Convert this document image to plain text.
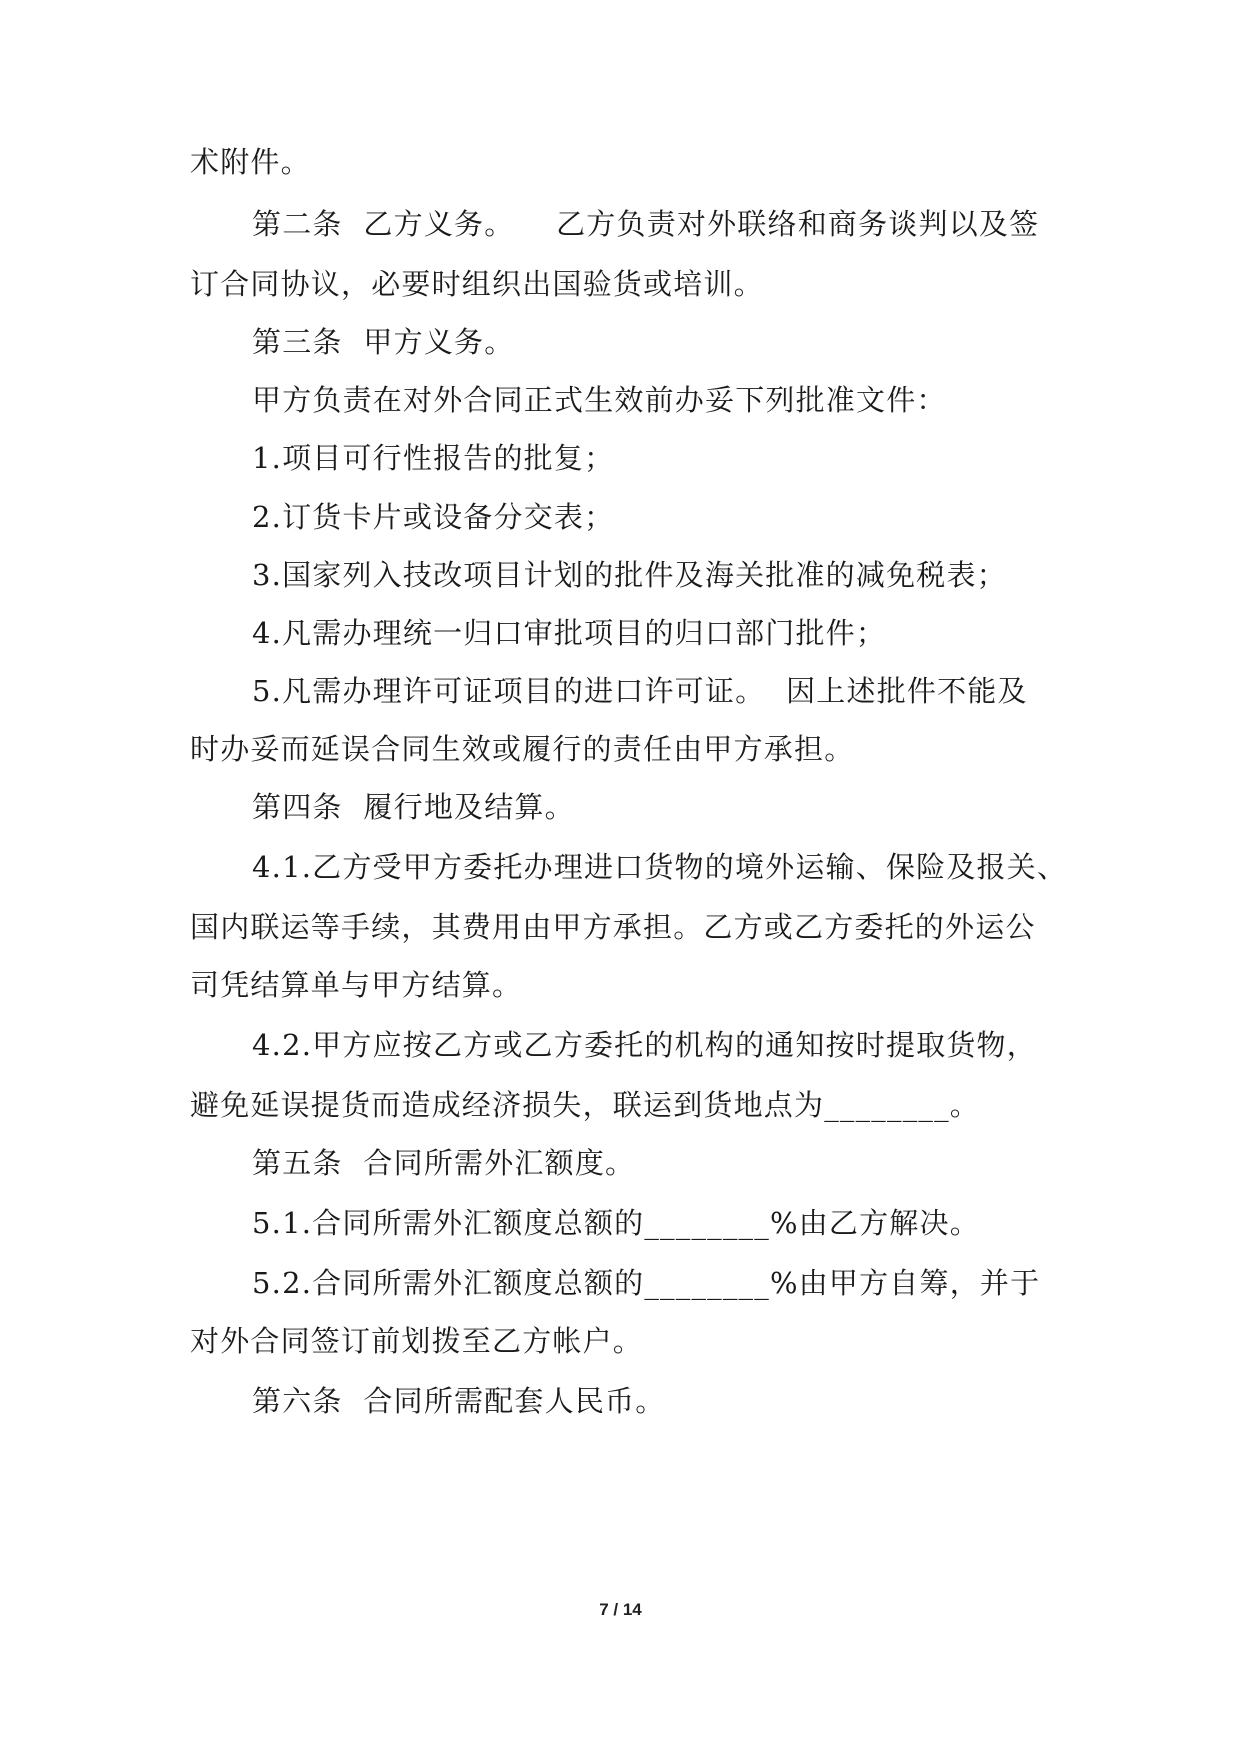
术附件。
第二条  乙方义务。    乙方负责对外联络和商务谈判以及签
订合同协议，必要时组织出国验货或培训。
第三条  甲方义务。
甲方负责在对外合同正式生效前办妥下列批准文件：
1.项目可行性报告的批复；
2.订货卡片或设备分交表；
3.国家列入技改项目计划的批件及海关批准的减免税表；
4.凡需办理统一归口审批项目的归口部门批件；
5.凡需办理许可证项目的进口许可证。  因上述批件不能及
时办妥而延误合同生效或履行的责任由甲方承担。
第四条  履行地及结算。
4.1.乙方受甲方委托办理进口货物的境外运输、保险及报关、
国内联运等手续，其费用由甲方承担。乙方或乙方委托的外运公
司凭结算单与甲方结算。
4.2.甲方应按乙方或乙方委托的机构的通知按时提取货物，
避免延误提货而造成经济损失，联运到货地点为________。
第五条  合同所需外汇额度。
5.1.合同所需外汇额度总额的________%由乙方解决。
5.2.合同所需外汇额度总额的________%由甲方自筹，并于
对外合同签订前划拨至乙方帐户。
第六条  合同所需配套人民币。
7 / 14
